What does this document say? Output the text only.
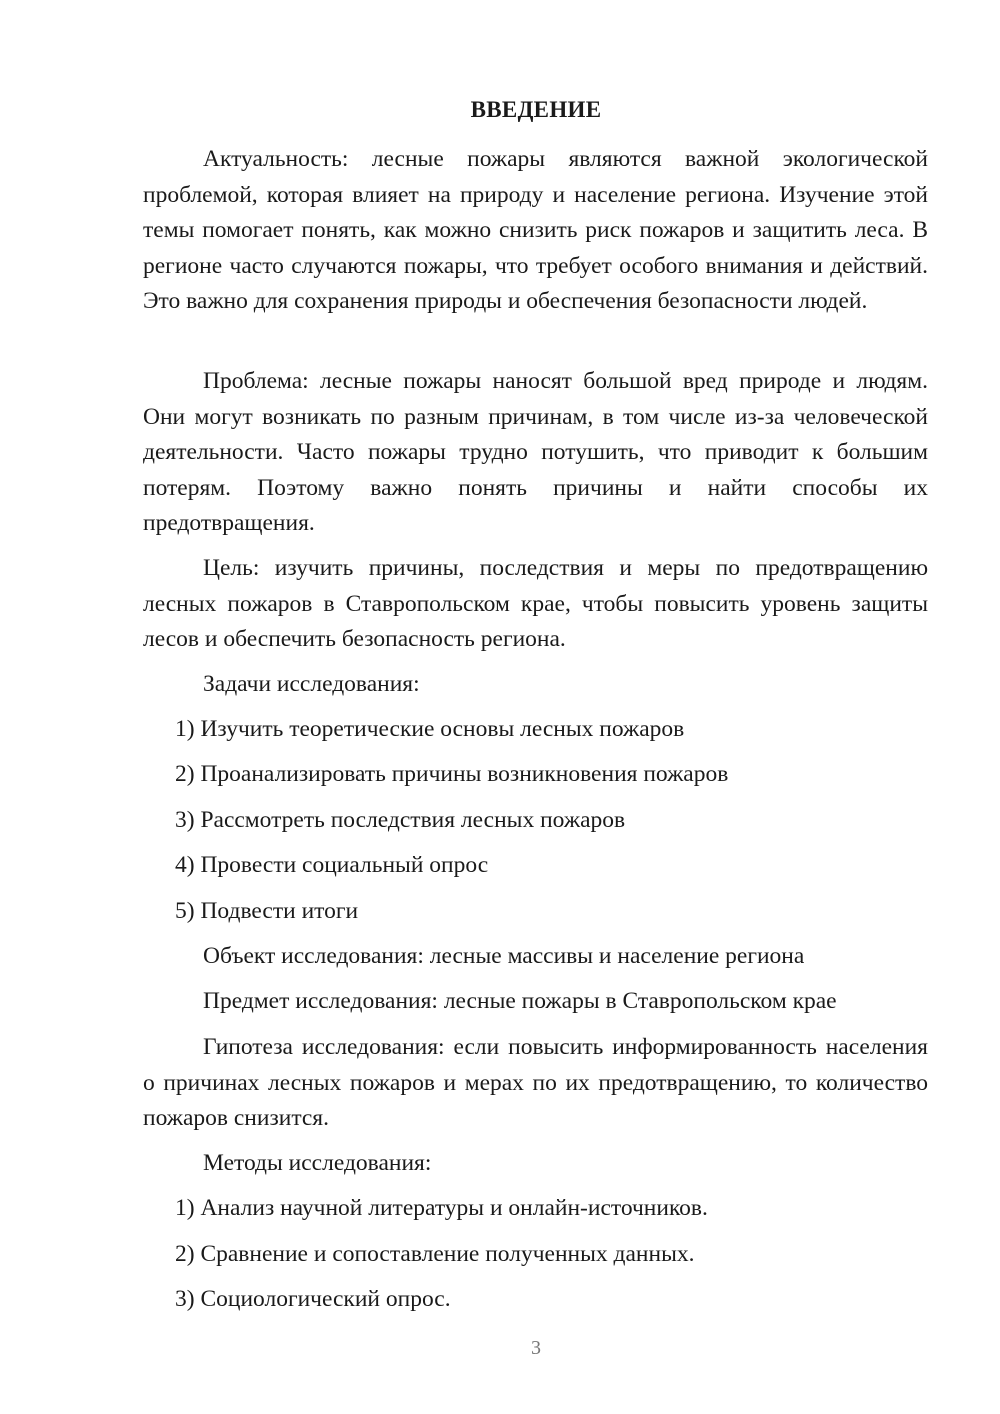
ВВЕДЕНИЕ

Актуальность: лесные пожары являются важной экологической проблемой, которая влияет на природу и население региона. Изучение этой темы помогает понять, как можно снизить риск пожаров и защитить леса. В регионе часто случаются пожары, что требует особого внимания и действий. Это важно для сохранения природы и обеспечения безопасности людей.

Проблема: лесные пожары наносят большой вред природе и людям. Они могут возникать по разным причинам, в том числе из-за человеческой деятельности. Часто пожары трудно потушить, что приводит к большим потерям. Поэтому важно понять причины и найти способы их предотвращения.

Цель: изучить причины, последствия и меры по предотвращению лесных пожаров в Ставропольском крае, чтобы повысить уровень защиты лесов и обеспечить безопасность региона.

Задачи исследования:

1) Изучить теоретические основы лесных пожаров

2) Проанализировать причины возникновения пожаров

3) Рассмотреть последствия лесных пожаров

4) Провести социальный опрос

5) Подвести итоги

Объект исследования: лесные массивы и население региона

Предмет исследования: лесные пожары в Ставропольском крае

Гипотеза исследования: если повысить информированность населения о причинах лесных пожаров и мерах по их предотвращению, то количество пожаров снизится.

Методы исследования:

1) Анализ научной литературы и онлайн-источников.

2) Сравнение и сопоставление полученных данных.

3) Социологический опрос.

3
